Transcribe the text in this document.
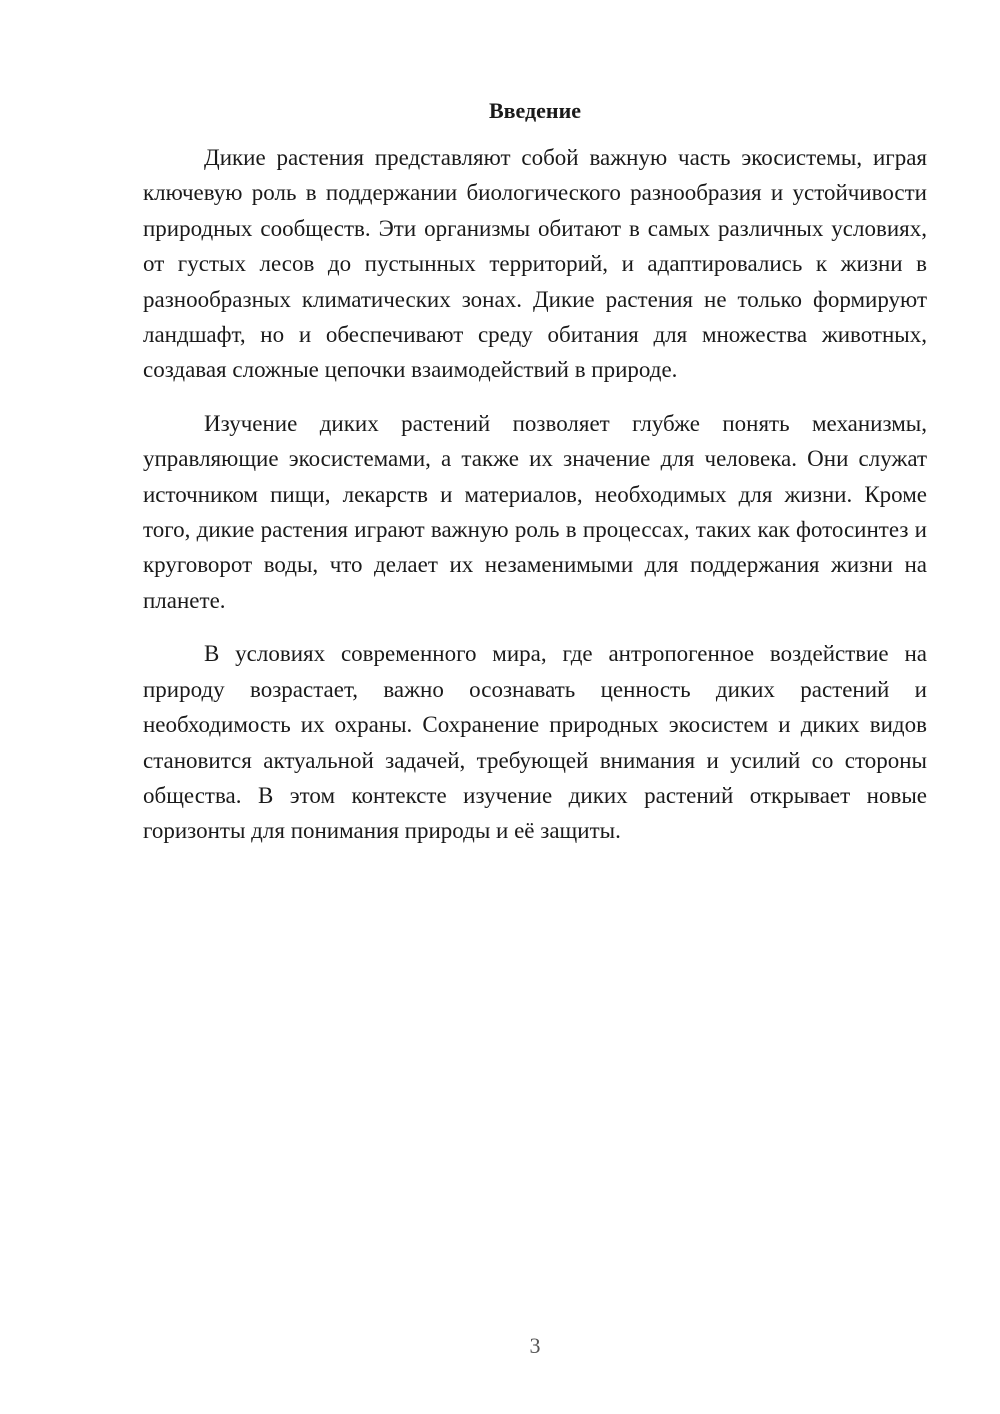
Введение

Дикие растения представляют собой важную часть экосистемы, играя ключевую роль в поддержании биологического разнообразия и устойчивости природных сообществ. Эти организмы обитают в самых различных условиях, от густых лесов до пустынных территорий, и адаптировались к жизни в разнообразных климатических зонах. Дикие растения не только формируют ландшафт, но и обеспечивают среду обитания для множества животных, создавая сложные цепочки взаимодействий в природе.

Изучение диких растений позволяет глубже понять механизмы, управляющие экосистемами, а также их значение для человека. Они служат источником пищи, лекарств и материалов, необходимых для жизни. Кроме того, дикие растения играют важную роль в процессах, таких как фотосинтез и круговорот воды, что делает их незаменимыми для поддержания жизни на планете.

В условиях современного мира, где антропогенное воздействие на природу возрастает, важно осознавать ценность диких растений и необходимость их охраны. Сохранение природных экосистем и диких видов становится актуальной задачей, требующей внимания и усилий со стороны общества. В этом контексте изучение диких растений открывает новые горизонты для понимания природы и её защиты.

3
